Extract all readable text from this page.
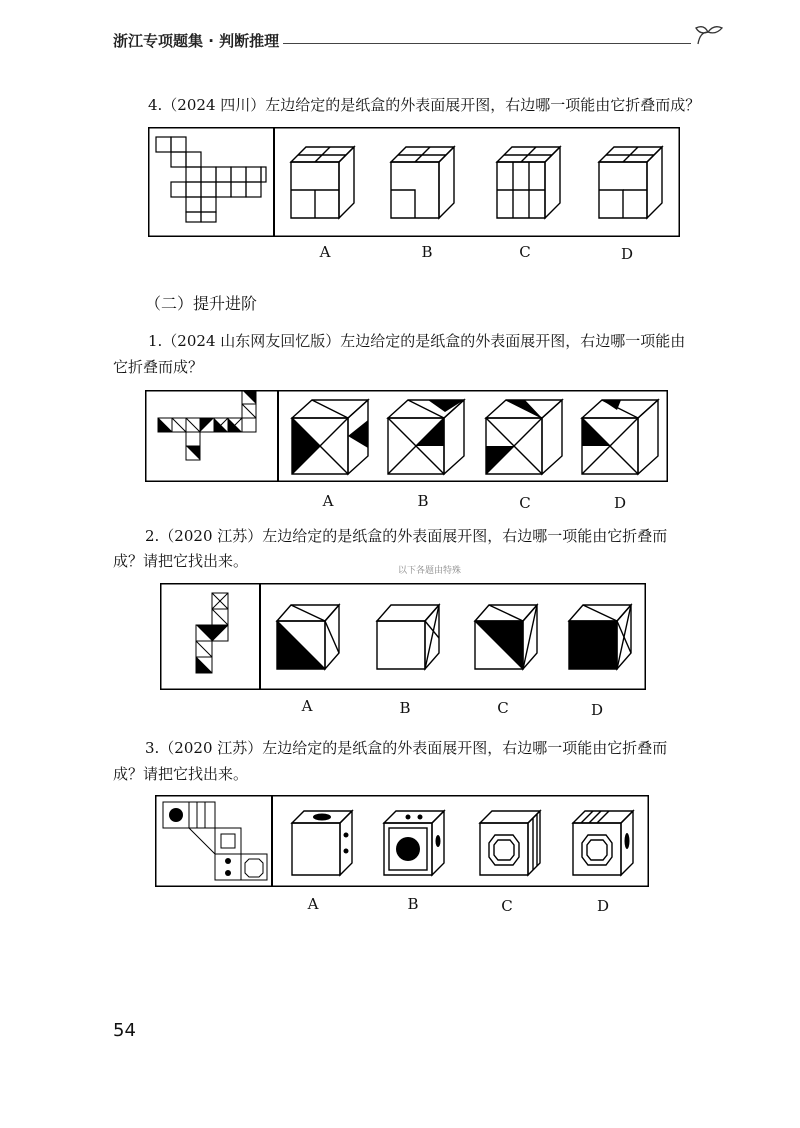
浙江专项题集 · 判断推理
4.（2024 四川）左边给定的是纸盒的外表面展开图，右边哪一项能由它折叠而成？
A	B	C	D
（二）提升进阶
1.（2024 山东网友回忆版）左边给定的是纸盒的外表面展开图，右边哪一项能由
它折叠而成？
A	B	C	D
2.（2020 江苏）左边给定的是纸盒的外表面展开图，右边哪一项能由它折叠而
成？请把它找出来。
以下各题由特殊
A	B	C	D
3.（2020 江苏）左边给定的是纸盒的外表面展开图，右边哪一项能由它折叠而
成？请把它找出来。
A	B	C	D
54
